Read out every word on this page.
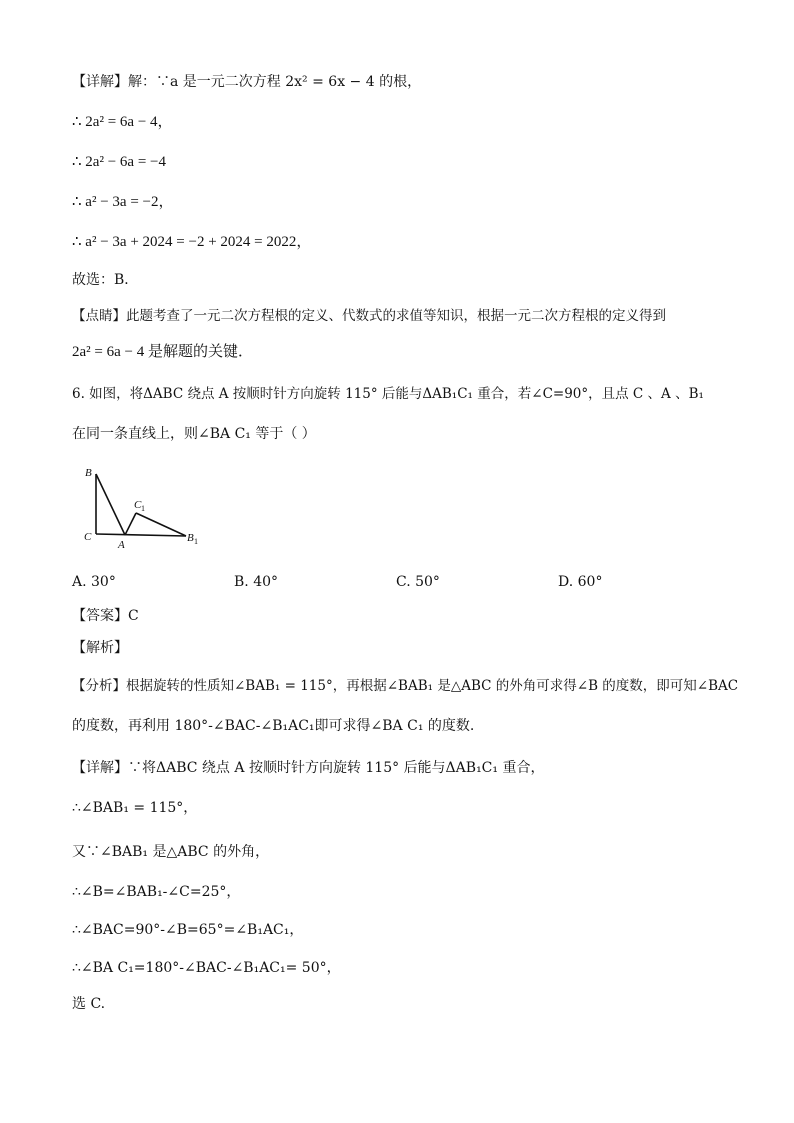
【详解】解：∵a 是一元二次方程 2x² = 6x − 4 的根，
∴ 2a² = 6a − 4，
∴ 2a² − 6a = −4
∴ a² − 3a = −2，
∴ a² − 3a + 2024 = −2 + 2024 = 2022，
故选：B．
【点睛】此题考查了一元二次方程根的定义、代数式的求值等知识，根据一元二次方程根的定义得到
2a² = 6a − 4 是解题的关键．
6. 如图，将ΔABC 绕点 A 按顺时针方向旋转 115° 后能与ΔAB₁C₁ 重合，若∠C=90°，且点 C 、A 、B₁
在同一条直线上，则∠BA C₁ 等于（ ）
B
C 1
C
A
B 1
A. 30°	B. 40°	C. 50°	D. 60°
【答案】C
【解析】
【分析】根据旋转的性质知∠BAB₁ = 115°，再根据∠BAB₁ 是△ABC 的外角可求得∠B 的度数，即可知∠BAC
的度数，再利用 180°-∠BAC-∠B₁AC₁即可求得∠BA C₁ 的度数.
【详解】∵将ΔABC 绕点 A 按顺时针方向旋转 115° 后能与ΔAB₁C₁ 重合，
∴∠BAB₁ = 115°，
又∵∠BAB₁ 是△ABC 的外角，
∴∠B=∠BAB₁-∠C=25°，
∴∠BAC=90°-∠B=65°=∠B₁AC₁，
∴∠BA C₁=180°-∠BAC-∠B₁AC₁= 50°，
选 C.
